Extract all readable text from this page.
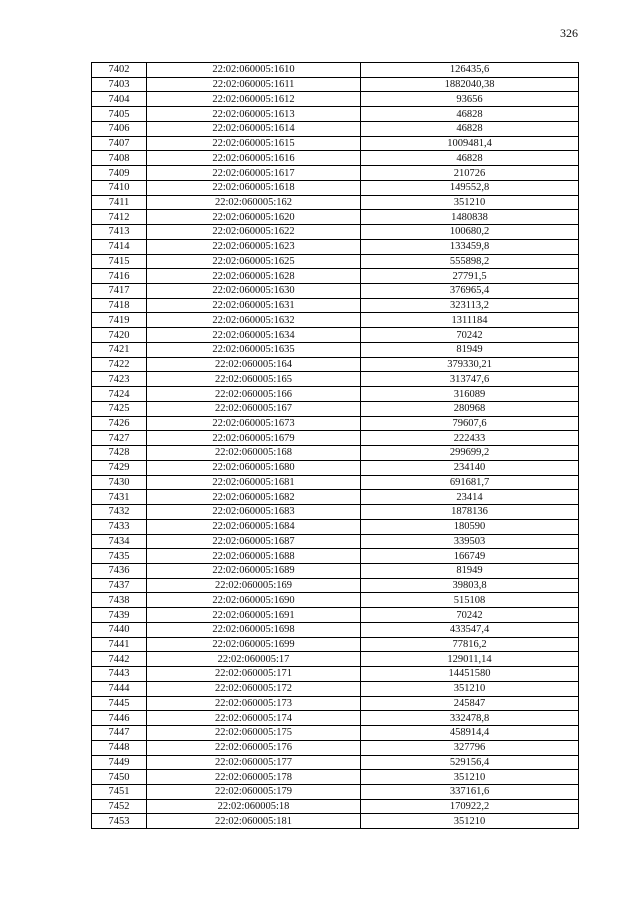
326
7402	22:02:060005:1610	126435,6
7403	22:02:060005:1611	1882040,38
7404	22:02:060005:1612	93656
7405	22:02:060005:1613	46828
7406	22:02:060005:1614	46828
7407	22:02:060005:1615	1009481,4
7408	22:02:060005:1616	46828
7409	22:02:060005:1617	210726
7410	22:02:060005:1618	149552,8
7411	22:02:060005:162	351210
7412	22:02:060005:1620	1480838
7413	22:02:060005:1622	100680,2
7414	22:02:060005:1623	133459,8
7415	22:02:060005:1625	555898,2
7416	22:02:060005:1628	27791,5
7417	22:02:060005:1630	376965,4
7418	22:02:060005:1631	323113,2
7419	22:02:060005:1632	1311184
7420	22:02:060005:1634	70242
7421	22:02:060005:1635	81949
7422	22:02:060005:164	379330,21
7423	22:02:060005:165	313747,6
7424	22:02:060005:166	316089
7425	22:02:060005:167	280968
7426	22:02:060005:1673	79607,6
7427	22:02:060005:1679	222433
7428	22:02:060005:168	299699,2
7429	22:02:060005:1680	234140
7430	22:02:060005:1681	691681,7
7431	22:02:060005:1682	23414
7432	22:02:060005:1683	1878136
7433	22:02:060005:1684	180590
7434	22:02:060005:1687	339503
7435	22:02:060005:1688	166749
7436	22:02:060005:1689	81949
7437	22:02:060005:169	39803,8
7438	22:02:060005:1690	515108
7439	22:02:060005:1691	70242
7440	22:02:060005:1698	433547,4
7441	22:02:060005:1699	77816,2
7442	22:02:060005:17	129011,14
7443	22:02:060005:171	14451580
7444	22:02:060005:172	351210
7445	22:02:060005:173	245847
7446	22:02:060005:174	332478,8
7447	22:02:060005:175	458914,4
7448	22:02:060005:176	327796
7449	22:02:060005:177	529156,4
7450	22:02:060005:178	351210
7451	22:02:060005:179	337161,6
7452	22:02:060005:18	170922,2
7453	22:02:060005:181	351210
